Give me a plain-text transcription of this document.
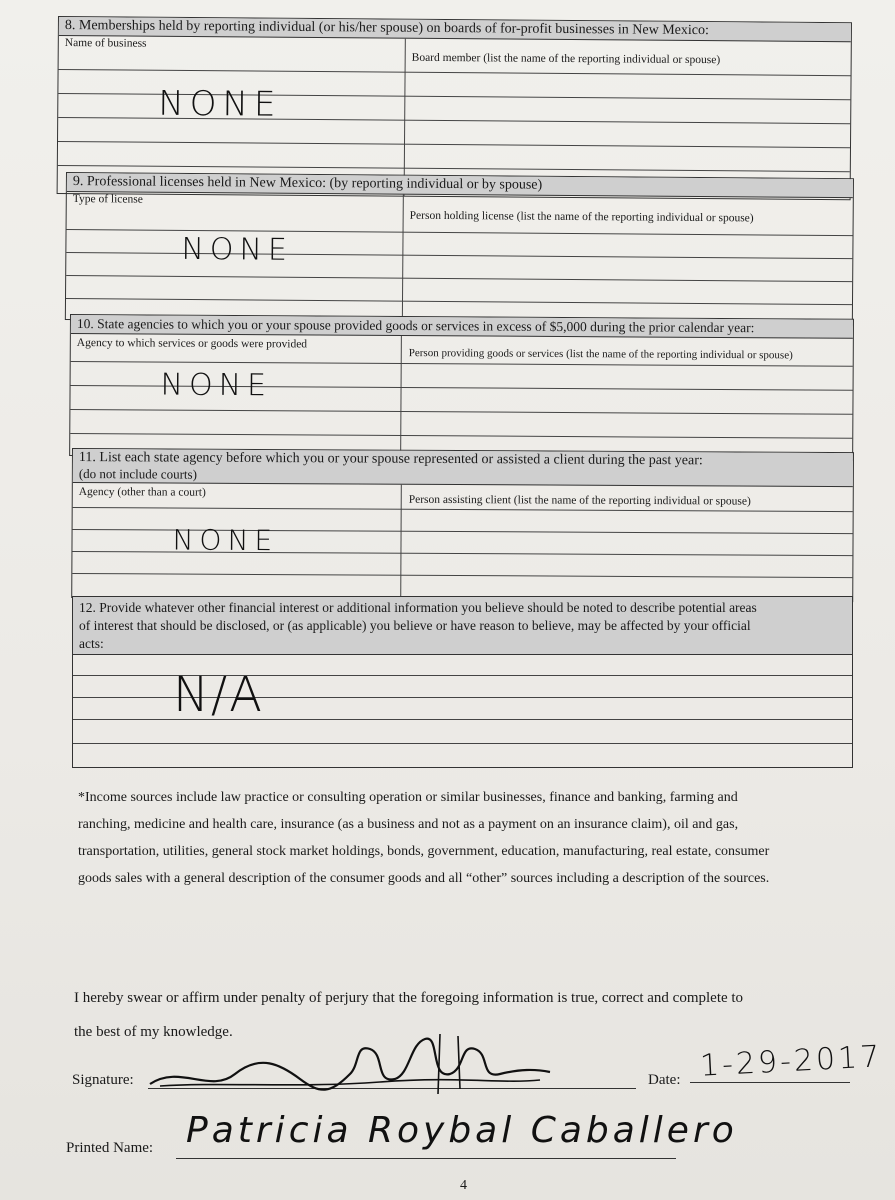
8. Memberships held by reporting individual (or his/her spouse) on boards of for-profit businesses in New Mexico:
Name of business
Board member (list the name of the reporting individual or spouse)
NONE
9. Professional licenses held in New Mexico: (by reporting individual or by spouse)
Type of license
Person holding license (list the name of the reporting individual or spouse)
NONE
10. State agencies to which you or your spouse provided goods or services in excess of $5,000 during the prior calendar year:
Agency to which services or goods were provided
Person providing goods or services (list the name of the reporting individual or spouse)
NONE
11. List each state agency before which you or your spouse represented or assisted a client during the past year:
(do not include courts)
Agency (other than a court)
Person assisting client (list the name of the reporting individual or spouse)
NONE
12. Provide whatever other financial interest or additional information you believe should be noted to describe potential areas
of interest that should be disclosed, or (as applicable) you believe or have reason to believe, may be affected by your official
acts:
N/A
*Income sources include law practice or consulting operation or similar businesses, finance and banking, farming and
ranching, medicine and health care, insurance (as a business and not as a payment on an insurance claim), oil and gas,
transportation, utilities, general stock market holdings, bonds, government, education, manufacturing, real estate, consumer
goods sales with a general description of the consumer goods and all “other” sources including a description of the sources.
I hereby swear or affirm under penalty of perjury that the foregoing information is true, correct and complete to
the best of my knowledge.
Signature:	Date: 1-29-2017
Printed Name: Patricia Roybal Caballero
4
